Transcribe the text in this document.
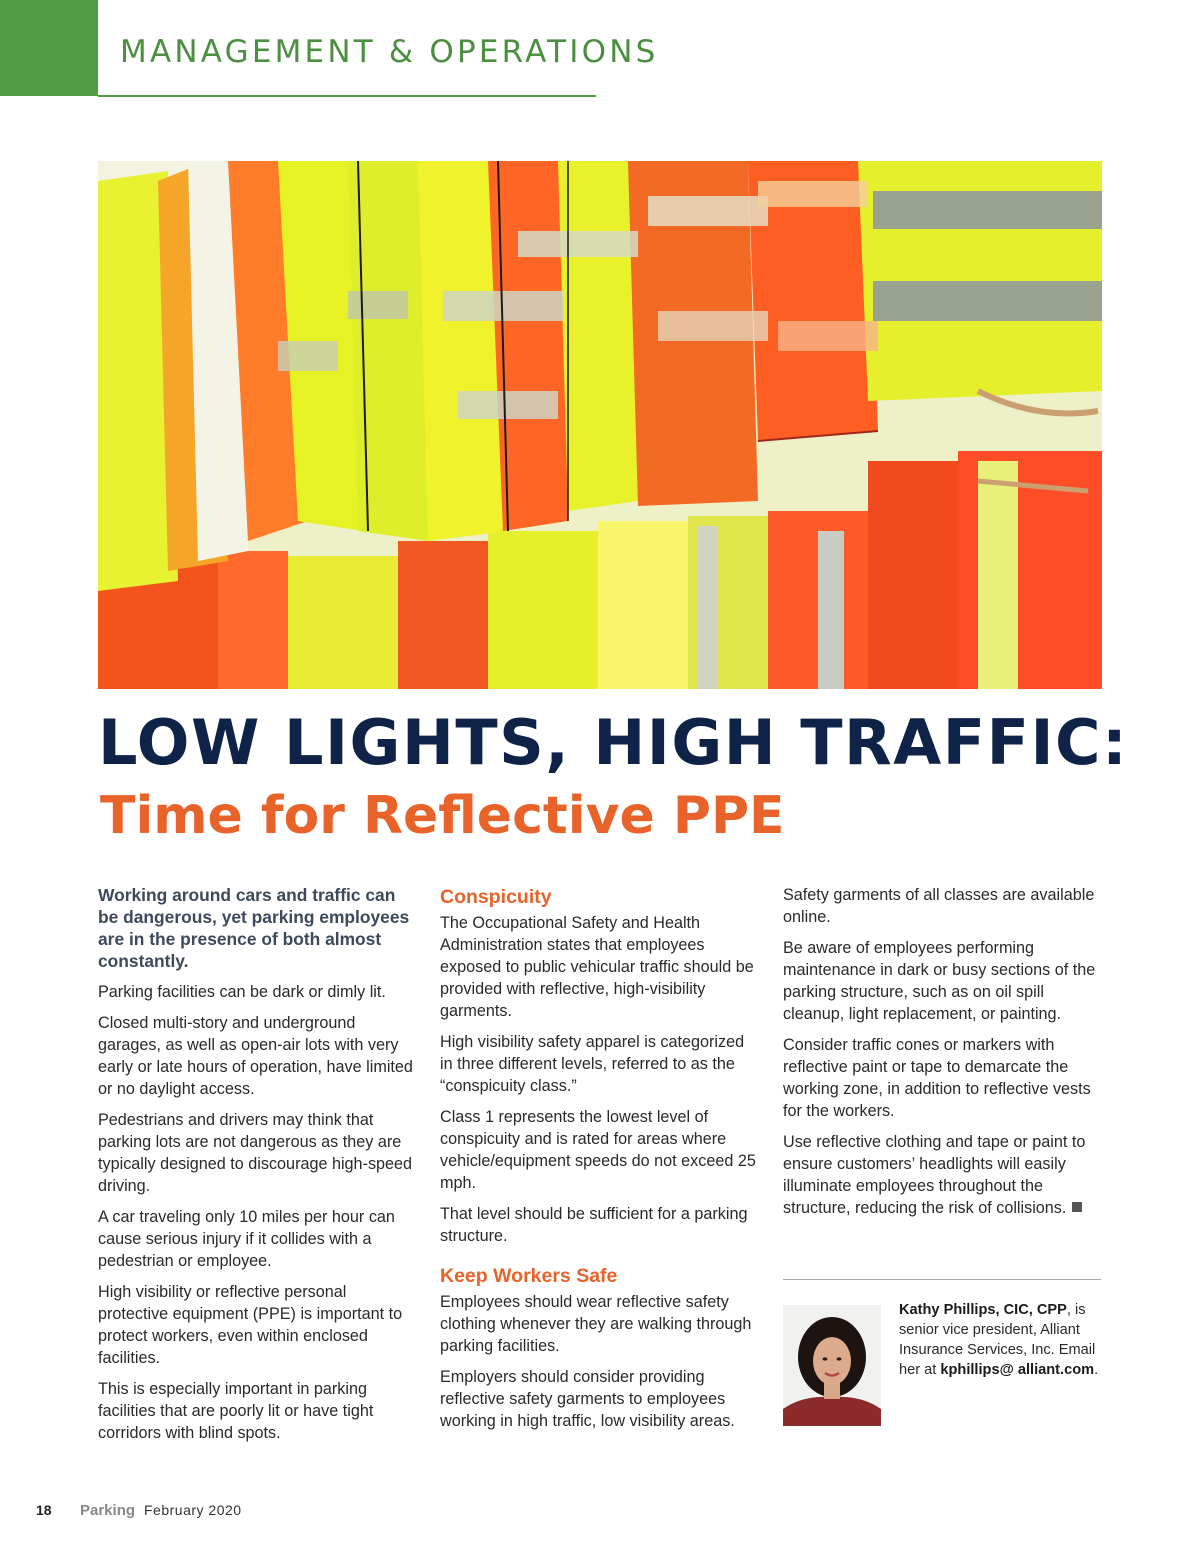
MANAGEMENT & OPERATIONS
LOW LIGHTS, HIGH TRAFFIC:
Time for Reflective PPE

Working around cars and traffic can be dangerous, yet parking employees are in the presence of both almost constantly.

Parking facilities can be dark or dimly lit.

Closed multi-story and underground garages, as well as open-air lots with very early or late hours of operation, have limited or no daylight access.

Pedestrians and drivers may think that parking lots are not dangerous as they are typically designed to discourage high-speed driving.

A car traveling only 10 miles per hour can cause serious injury if it collides with a pedestrian or employee.

High visibility or reflective personal protective equipment (PPE) is important to protect workers, even within enclosed facilities.

This is especially important in parking facilities that are poorly lit or have tight corridors with blind spots.

Conspicuity

The Occupational Safety and Health Administration states that employees exposed to public vehicular traffic should be provided with reflective, high-visibility garments.

High visibility safety apparel is categorized in three different levels, referred to as the “conspicuity class.”

Class 1 represents the lowest level of conspicuity and is rated for areas where vehicle/equipment speeds do not exceed 25 mph.

That level should be sufficient for a parking structure.

Keep Workers Safe

Employees should wear reflective safety clothing whenever they are walking through parking facilities.

Employers should consider providing reflective safety garments to employees working in high traffic, low visibility areas.

Safety garments of all classes are available online.

Be aware of employees performing maintenance in dark or busy sections of the parking structure, such as on oil spill cleanup, light replacement, or painting.

Consider traffic cones or markers with reflective paint or tape to demarcate the working zone, in addition to reflective vests for the workers.

Use reflective clothing and tape or paint to ensure customers’ headlights will easily illuminate employees throughout the structure, reducing the risk of collisions.

Kathy Phillips, CIC, CPP, is senior vice president, Alliant Insurance Services, Inc. Email her at kphillips@ alliant.com.
18 Parking February 2020
